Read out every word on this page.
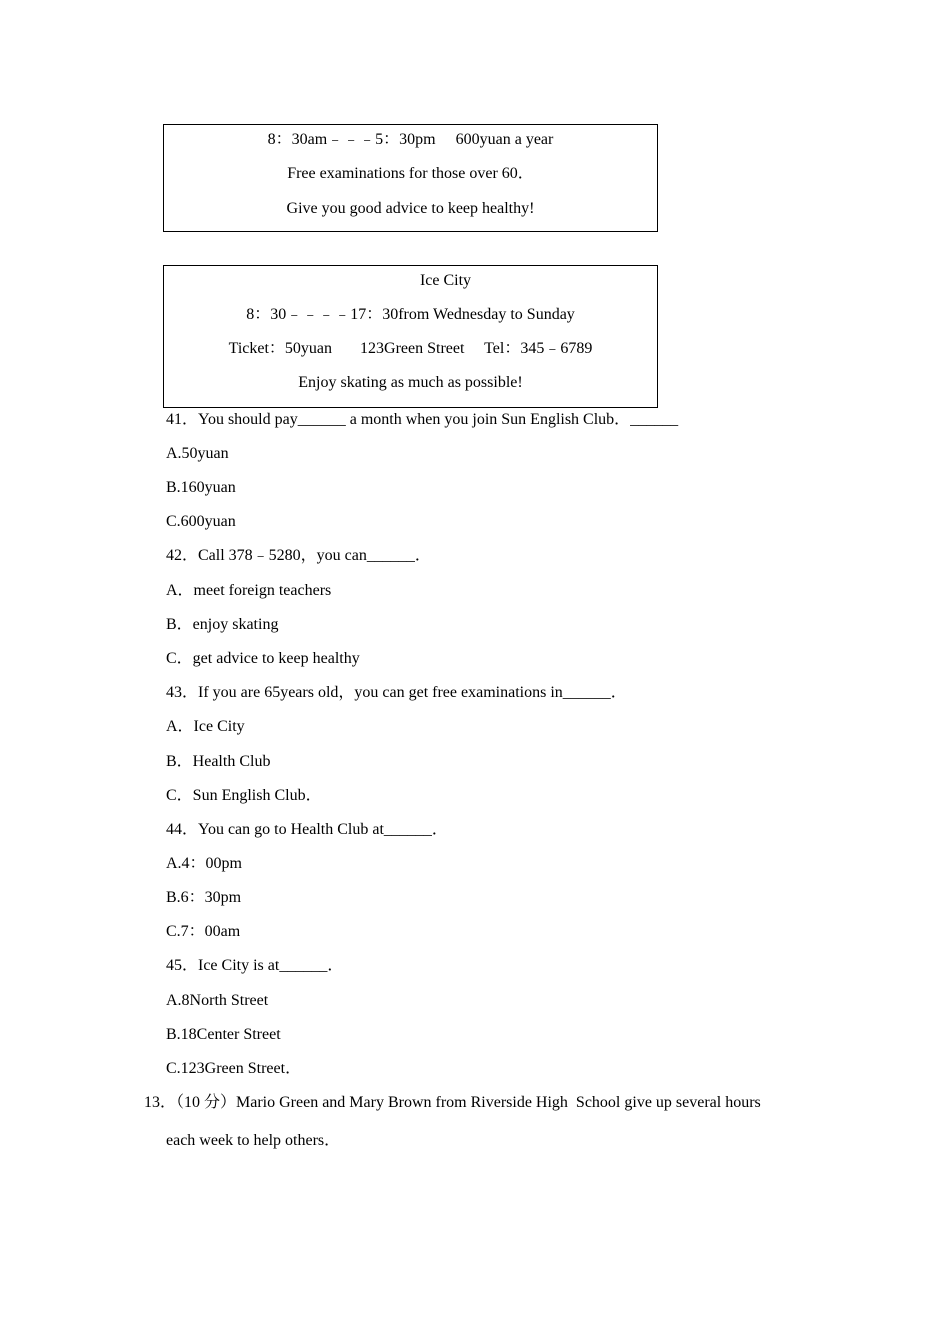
8：30am﹣﹣﹣5：30pm     600yuan a year
Free examinations for those over 60．
Give you good advice to keep healthy!
Ice City
8：30﹣﹣﹣﹣17：30from Wednesday to Sunday
Ticket：50yuan       123Green Street     Tel：345﹣6789
Enjoy skating as much as possible!
41．You should pay______ a month when you join Sun English Club．______
A.50yuan
B.160yuan
C.600yuan
42．Call 378﹣5280，you can______．
A．meet foreign teachers
B．enjoy skating
C．get advice to keep healthy
43．If you are 65years old，you can get free examinations in______．
A．Ice City
B．Health Club
C．Sun English Club．
44．You can go to Health Club at______．
A.4：00pm
B.6：30pm
C.7：00am
45．Ice City is at______．
A.8North Street
B.18Center Street
C.123Green Street．
13．（10 分）Mario Green and Mary Brown from Riverside High  School give up several hours
each week to help others．
